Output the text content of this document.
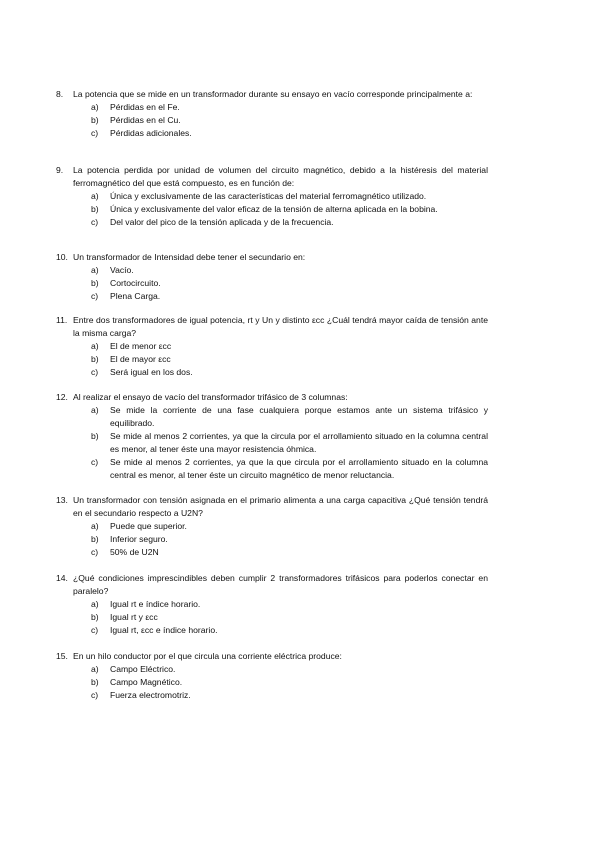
8.	La potencia que se mide en un transformador durante su ensayo en vacío corresponde principalmente a:
a)	Pérdidas en el Fe.
b)	Pérdidas en el Cu.
c)	Pérdidas adicionales.
9.	La potencia perdida por unidad de volumen del circuito magnético, debido a la histéresis del material ferromagnético del que está compuesto, es en función de:
a)	Única y exclusivamente de las características del material ferromagnético utilizado.
b)	Única y exclusivamente del valor eficaz de la tensión de alterna aplicada en la bobina.
c)	Del valor del pico de la tensión aplicada y de la frecuencia.
10. Un transformador de Intensidad debe tener el secundario en:
a)	Vacío.
b)	Cortocircuito.
c)	Plena Carga.
11. Entre dos transformadores de igual potencia, rt y Un y distinto εcc ¿Cuál tendrá mayor caída de tensión ante la misma carga?
a)	El de menor εcc
b)	El de mayor εcc
c)	Será igual en los dos.
12. Al realizar el ensayo de vacío del transformador trifásico de 3 columnas:
a)	Se mide la corriente de una fase cualquiera porque estamos ante un sistema trifásico y equilibrado.
b)	Se mide al menos 2 corrientes, ya que la circula por el arrollamiento situado en la columna central es menor, al tener éste una mayor resistencia óhmica.
c)	Se mide al menos 2 corrientes, ya que la que circula por el arrollamiento situado en la columna central es menor, al tener éste un circuito magnético de menor reluctancia.
13. Un transformador con tensión asignada en el primario alimenta a una carga capacitiva ¿Qué tensión tendrá en el secundario respecto a U2N?
a)	Puede que superior.
b)	Inferior seguro.
c)	50% de U2N
14. ¿Qué condiciones imprescindibles deben cumplir 2 transformadores trifásicos para poderlos conectar en paralelo?
a)	Igual rt e índice horario.
b)	Igual rt y εcc
c)	Igual rt, εcc e índice horario.
15. En un hilo conductor por el que circula una corriente eléctrica produce:
a)	Campo Eléctrico.
b)	Campo Magnético.
c)	Fuerza electromotriz.
